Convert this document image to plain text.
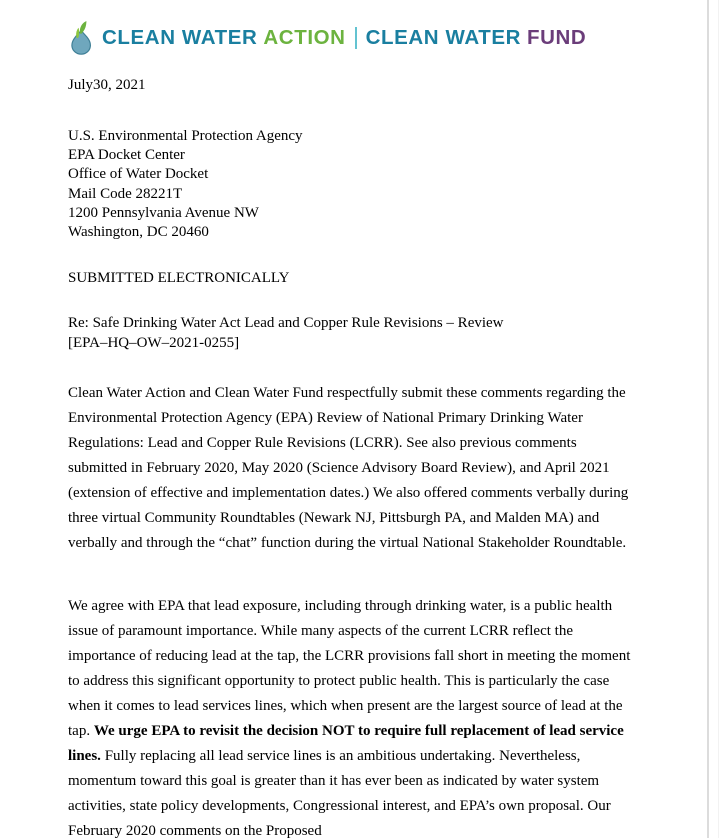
CLEAN WATER ACTION CLEAN WATER FUND
July30, 2021
U.S. Environmental Protection Agency
EPA Docket Center
Office of Water Docket
Mail Code 28221T
1200 Pennsylvania Avenue NW
Washington, DC 20460
SUBMITTED ELECTRONICALLY
Re: Safe Drinking Water Act Lead and Copper Rule Revisions – Review
[EPA–HQ–OW–2021-0255]

Clean Water Action and Clean Water Fund respectfully submit these comments regarding the Environmental Protection Agency (EPA) Review of National Primary Drinking Water Regulations: Lead and Copper Rule Revisions (LCRR). See also previous comments submitted in February 2020, May 2020 (Science Advisory Board Review), and April 2021 (extension of effective and implementation dates.) We also offered comments verbally during three virtual Community Roundtables (Newark NJ, Pittsburgh PA, and Malden MA) and verbally and through the “chat” function during the virtual National Stakeholder Roundtable.

We agree with EPA that lead exposure, including through drinking water, is a public health issue of paramount importance. While many aspects of the current LCRR reflect the importance of reducing lead at the tap, the LCRR provisions fall short in meeting the moment to address this significant opportunity to protect public health. This is particularly the case when it comes to lead services lines, which when present are the largest source of lead at the tap. We urge EPA to revisit the decision NOT to require full replacement of lead service lines. Fully replacing all lead service lines is an ambitious undertaking. Nevertheless, momentum toward this goal is greater than it has ever been as indicated by water system activities, state policy developments, Congressional interest, and EPA’s own proposal. Our February 2020 comments on the Proposed
